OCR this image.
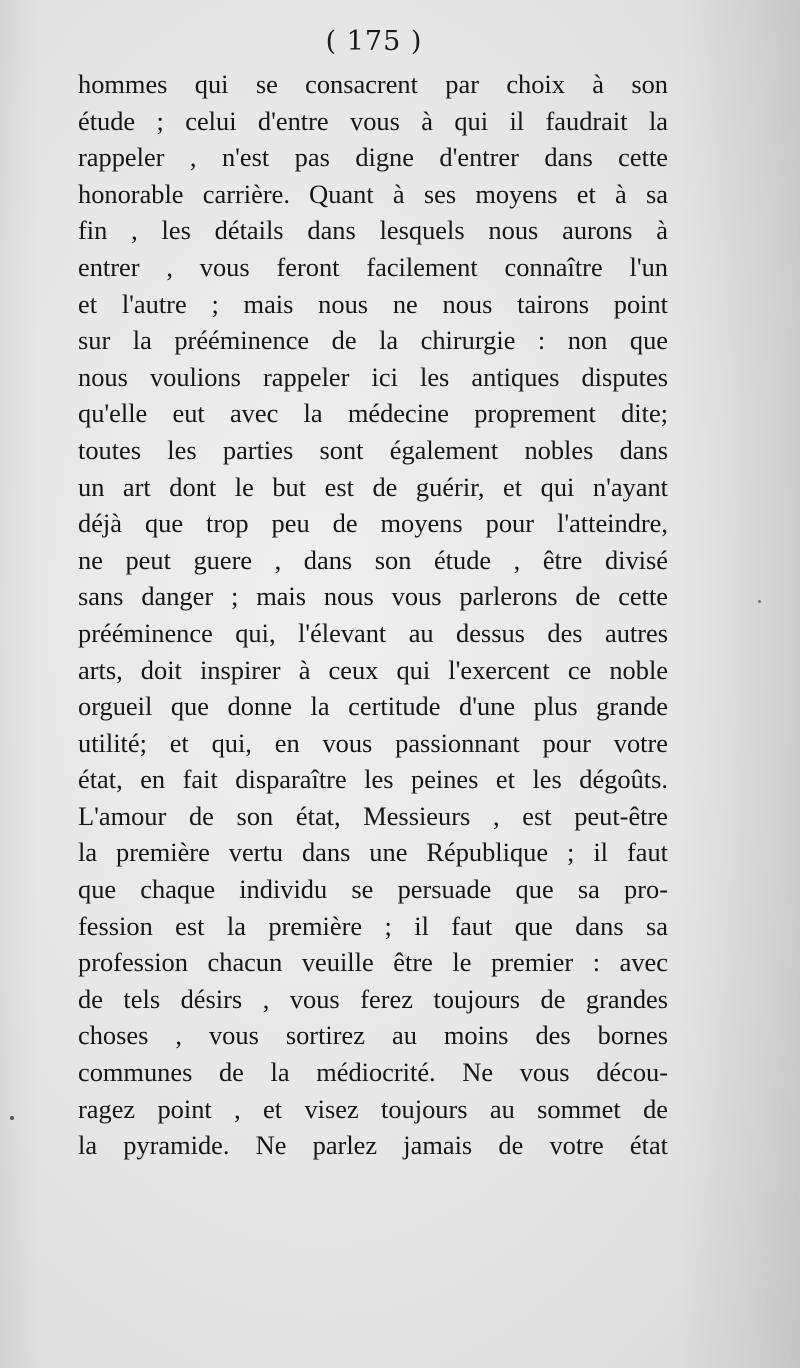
( 175 )
hommes qui se consacrent par choix à son
étude ; celui d'entre vous à qui il faudrait la
rappeler , n'est pas digne d'entrer dans cette
honorable carrière. Quant à ses moyens et à sa
fin , les détails dans lesquels nous aurons à
entrer , vous feront facilement connaître l'un
et l'autre ; mais nous ne nous tairons point
sur la prééminence de la chirurgie : non que
nous voulions rappeler ici les antiques disputes
qu'elle eut avec la médecine proprement dite;
toutes les parties sont également nobles dans
un art dont le but est de guérir, et qui n'ayant
déjà que trop peu de moyens pour l'atteindre,
ne peut guere , dans son étude , être divisé
sans danger ; mais nous vous parlerons de cette
prééminence qui, l'élevant au dessus des autres
arts, doit inspirer à ceux qui l'exercent ce noble
orgueil que donne la certitude d'une plus grande
utilité; et qui, en vous passionnant pour votre
état, en fait disparaître les peines et les dégoûts.
L'amour de son état, Messieurs , est peut-être
la première vertu dans une République ; il faut
que chaque individu se persuade que sa pro-
fession est la première ; il faut que dans sa
profession chacun veuille être le premier : avec
de tels désirs , vous ferez toujours de grandes
choses , vous sortirez au moins des bornes
communes de la médiocrité. Ne vous décou-
ragez point , et visez toujours au sommet de
la pyramide. Ne parlez jamais de votre état
